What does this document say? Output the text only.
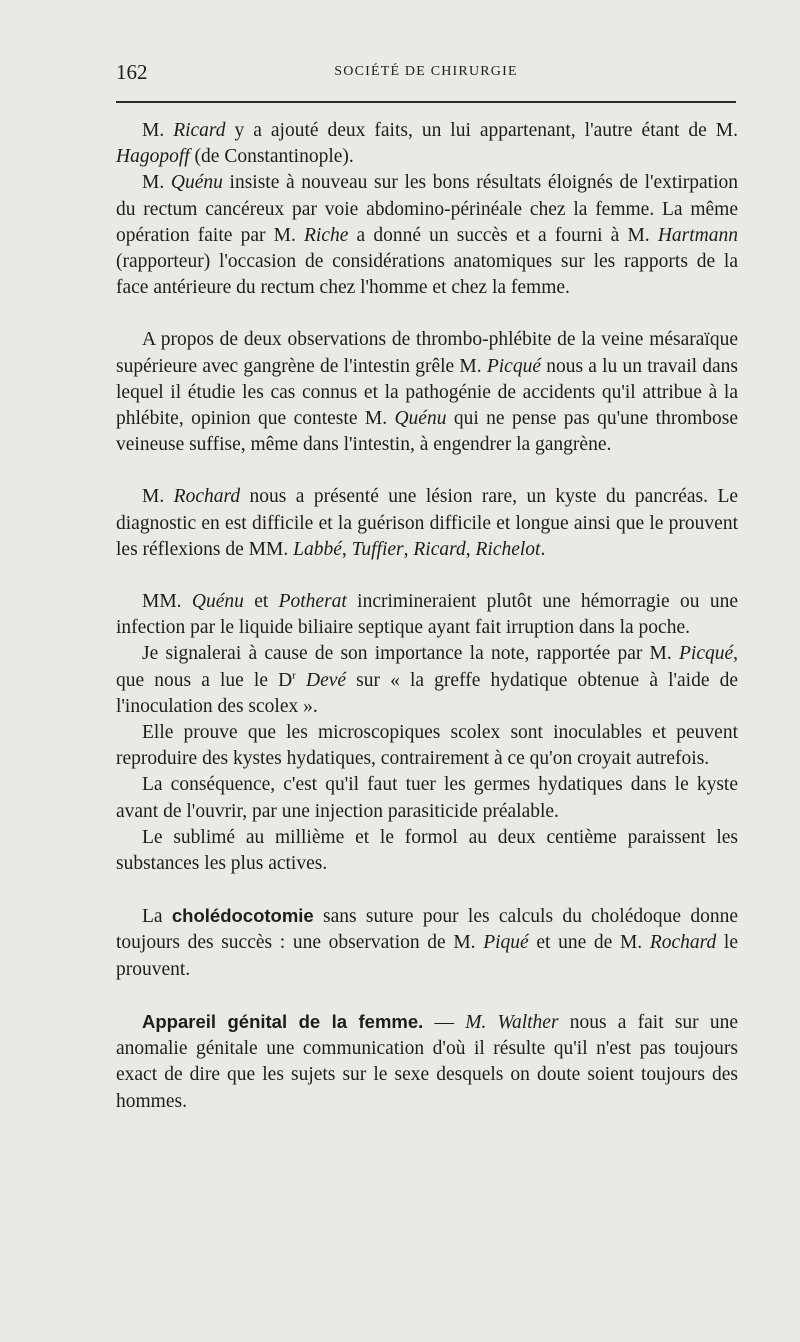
162	SOCIÉTÉ DE CHIRURGIE

M. Ricard y a ajouté deux faits, un lui appartenant, l'autre étant de M. Hagopoff (de Constantinople).

M. Quénu insiste à nouveau sur les bons résultats éloignés de l'extirpation du rectum cancéreux par voie abdomino-périnéale chez la femme. La même opération faite par M. Riche a donné un succès et a fourni à M. Hartmann (rapporteur) l'occasion de considérations anatomiques sur les rapports de la face antérieure du rectum chez l'homme et chez la femme.

A propos de deux observations de thrombo-phlébite de la veine mésaraïque supérieure avec gangrène de l'intestin grêle M. Picqué nous a lu un travail dans lequel il étudie les cas connus et la pathogénie de accidents qu'il attribue à la phlébite, opinion que conteste M. Quénu qui ne pense pas qu'une thrombose veineuse suffise, même dans l'intestin, à engendrer la gangrène.

M. Rochard nous a présenté une lésion rare, un kyste du pancréas. Le diagnostic en est difficile et la guérison difficile et longue ainsi que le prouvent les réflexions de MM. Labbé, Tuffier, Ricard, Richelot.

MM. Quénu et Potherat incrimineraient plutôt une hémorragie ou une infection par le liquide biliaire septique ayant fait irruption dans la poche.

Je signalerai à cause de son importance la note, rapportée par M. Picqué, que nous a lue le $D^r$ Devé sur « la greffe hydatique obtenue à l'aide de l'inoculation des scolex ».

Elle prouve que les microscopiques scolex sont inoculables et peuvent reproduire des kystes hydatiques, contrairement à ce qu'on croyait autrefois.

La conséquence, c'est qu'il faut tuer les germes hydatiques dans le kyste avant de l'ouvrir, par une injection parasiticide préalable.

Le sublimé au millième et le formol au deux centième paraissent les substances les plus actives.

La cholédocotomie sans suture pour les calculs du cholédoque donne toujours des succès : une observation de M. Piqué et une de M. Rochard le prouvent.

Appareil génital de la femme. — M. Walther nous a fait sur une anomalie génitale une communication d'où il résulte qu'il n'est pas toujours exact de dire que les sujets sur le sexe desquels on doute soient toujours des hommes.
